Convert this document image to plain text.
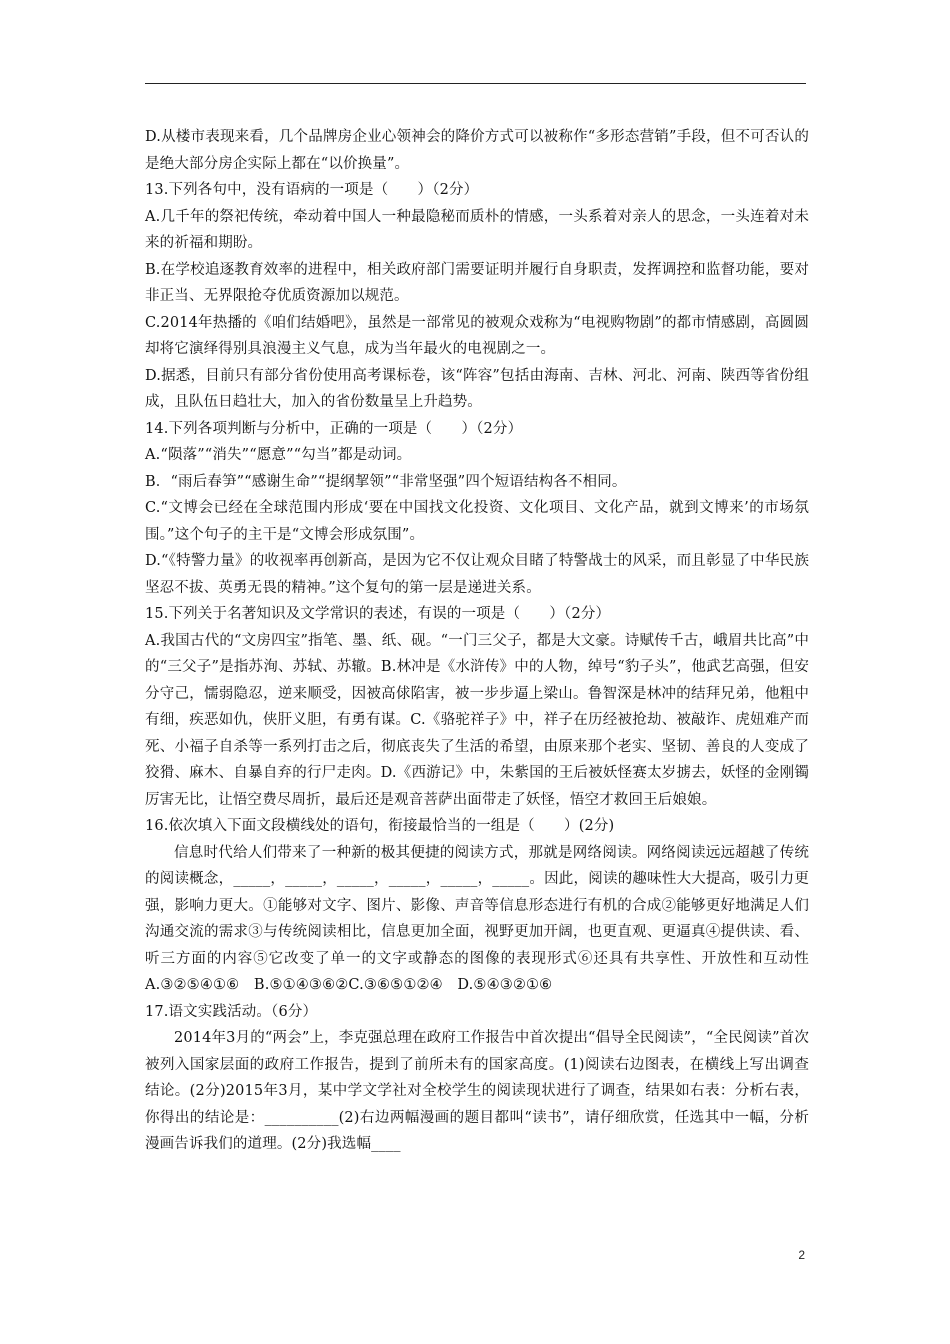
D.从楼市表现来看，几个品牌房企业心领神会的降价方式可以被称作“多形态营销”手段，但不可否认的是绝大部分房企实际上都在“以价换量”。

13.下列各句中，没有语病的一项是（　　）（2分）

A.几千年的祭祀传统，牵动着中国人一种最隐秘而质朴的情感，一头系着对亲人的思念，一头连着对未来的祈福和期盼。

B.在学校追逐教育效率的进程中，相关政府部门需要证明并履行自身职责，发挥调控和监督功能，要对非正当、无界限抢夺优质资源加以规范。

C.2014年热播的《咱们结婚吧》，虽然是一部常见的被观众戏称为“电视购物剧”的都市情感剧，高圆圆却将它演绎得别具浪漫主义气息，成为当年最火的电视剧之一。

D.据悉，目前只有部分省份使用高考课标卷，该“阵容”包括由海南、吉林、河北、河南、陕西等省份组成，且队伍日趋壮大，加入的省份数量呈上升趋势。

14.下列各项判断与分析中，正确的一项是（　　）（2分）

A.“陨落”“消失”“愿意”“勾当”都是动词。

B．“雨后春笋”“感谢生命”“提纲挈领”“非常坚强”四个短语结构各不相同。

C.“文博会已经在全球范围内形成‘要在中国找文化投资、文化项目、文化产品，就到文博来’的市场氛围。”这个句子的主干是“文博会形成氛围”。

D.“《特警力量》的收视率再创新高，是因为它不仅让观众目睹了特警战士的风采，而且彰显了中华民族坚忍不拔、英勇无畏的精神。”这个复句的第一层是递进关系。

15.下列关于名著知识及文学常识的表述，有误的一项是（　　）（2分）

A.我国古代的“文房四宝”指笔、墨、纸、砚。“一门三父子，都是大文豪。诗赋传千古，峨眉共比高”中的“三父子”是指苏洵、苏轼、苏辙。B.林冲是《水浒传》中的人物，绰号“豹子头”，他武艺高强，但安分守己，懦弱隐忍，逆来顺受，因被高俅陷害，被一步步逼上梁山。鲁智深是林冲的结拜兄弟，他粗中有细，疾恶如仇，侠肝义胆，有勇有谋。C.《骆驼祥子》中，祥子在历经被抢劫、被敲诈、虎妞难产而死、小福子自杀等一系列打击之后，彻底丧失了生活的希望，由原来那个老实、坚韧、善良的人变成了狡猾、麻木、自暴自弃的行尸走肉。D.《西游记》中，朱紫国的王后被妖怪赛太岁掳去，妖怪的金刚镯厉害无比，让悟空费尽周折，最后还是观音菩萨出面带走了妖怪，悟空才救回王后娘娘。

16.依次填入下面文段横线处的语句，衔接最恰当的一组是（　　）(2分)

信息时代给人们带来了一种新的极其便捷的阅读方式，那就是网络阅读。网络阅读远远超越了传统的阅读概念，_____，_____，_____，_____，_____，_____。因此，阅读的趣味性大大提高，吸引力更强，影响力更大。①能够对文字、图片、影像、声音等信息形态进行有机的合成②能够更好地满足人们沟通交流的需求③与传统阅读相比，信息更加全面，视野更加开阔，也更直观、更逼真④提供读、看、听三方面的内容⑤它改变了单一的文字或静态的图像的表现形式⑥还具有共享性、开放性和互动性 A.③②⑤④①⑥　B.⑤①④③⑥②C.③⑥⑤①②④　D.⑤④③②①⑥

17.语文实践活动。（6分）

2014年3月的“两会”上，李克强总理在政府工作报告中首次提出“倡导全民阅读”，“全民阅读”首次被列入国家层面的政府工作报告，提到了前所未有的国家高度。(1)阅读右边图表，在横线上写出调查结论。(2分)2015年3月，某中学文学社对全校学生的阅读现状进行了调查，结果如右表：分析右表，你得出的结论是：__________(2)右边两幅漫画的题目都叫“读书”，请仔细欣赏，任选其中一幅，分析漫画告诉我们的道理。(2分)我选幅____

2
